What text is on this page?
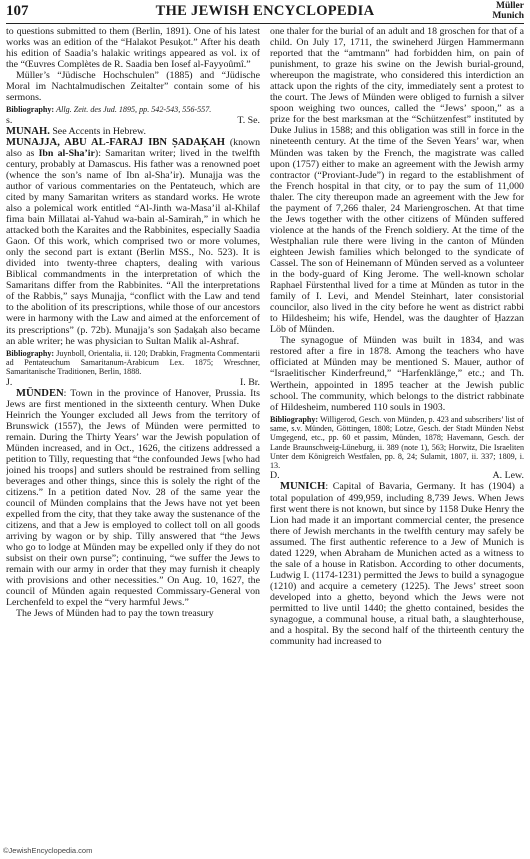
107	THE JEWISH ENCYCLOPEDIA	Müller
Munich

to questions submitted to them (Berlin, 1891). One of his latest works was an edition of the “Halakot Pesuḳot.” After his death his edition of Saadia’s halakic writings appeared as vol. ix of the “Œuvres Complètes de R. Saadia ben Iosef al-Fayyoûmî.”

Müller’s “Jüdische Hochschulen” (1885) and “Jüdische Moral im Nachtalmudischen Zeitalter” contain some of his sermons.

Bibliography: Allg. Zeit. des Jud. 1895, pp. 542-543, 556-557.

s.	T. Se.

MUNAH. See Accents in Hebrew.

MUNAJJA, ABU AL-FARAJ IBN ṢADAḲAH (known also as Ibn al-Sha’ir): Samaritan writer; lived in the twelfth century, probably at Damascus. His father was a renowned poet (whence the son’s name of Ibn al-Sha’ir). Munajja was the author of various commentaries on the Pentateuch, which are cited by many Samaritan writers as standard works. He wrote also a polemical work entitled “Al-Jinth wa-Masa’il al-Khilaf fima bain Millatai al-Yahud wa-bain al-Samirah,” in which he attacked both the Karaites and the Rabbinites, especially Saadia Gaon. Of this work, which comprised two or more volumes, only the second part is extant (Berlin MSS., No. 523). It is divided into twenty-three chapters, dealing with various Biblical commandments in the interpretation of which the Samaritans differ from the Rabbinites. “All the interpretations of the Rabbis,” says Munajja, “conflict with the Law and tend to the abolition of its prescriptions, while those of our ancestors were in harmony with the Law and aimed at the enforcement of its prescriptions” (p. 72b). Munajja’s son Ṣadaḳah also became an able writer; he was physician to Sultan Malik al-Ashraf.

Bibliography: Juynboll, Orientalia, ii. 120; Drabkin, Fragmenta Commentarii ad Pentateuchum Samaritanum-Arabicum Lex. 1875; Wreschner, Samaritanische Traditionen, Berlin, 1888.

J.	I. Br.

MÜNDEN: Town in the province of Hanover, Prussia. Its Jews are first mentioned in the sixteenth century. When Duke Heinrich the Younger excluded all Jews from the territory of Brunswick (1557), the Jews of Münden were permitted to remain. During the Thirty Years’ war the Jewish population of Münden increased, and in Oct., 1626, the citizens addressed a petition to Tilly, requesting that “the confounded Jews [who had joined his troops] and sutlers should be restrained from selling beverages and other things, since this is solely the right of the citizens.” In a petition dated Nov. 28 of the same year the council of Münden complains that the Jews have not yet been expelled from the city, that they take away the sustenance of the citizens, and that a Jew is employed to collect toll on all goods arriving by wagon or by ship. Tilly answered that “the Jews who go to lodge at Münden may be expelled only if they do not subsist on their own purse”; continuing, “we suffer the Jews to remain with our army in order that they may furnish it cheaply with provisions and other necessities.” On Aug. 10, 1627, the council of Münden again requested Commissary-General von Lerchenfeld to expel the “very harmful Jews.”

The Jews of Münden had to pay the town treasury

one thaler for the burial of an adult and 18 groschen for that of a child. On July 17, 1711, the swineherd Jürgen Hammermann reported that the “amtmann” had forbidden him, on pain of punishment, to graze his swine on the Jewish burial-ground, whereupon the magistrate, who considered this interdiction an attack upon the rights of the city, immediately sent a protest to the court. The Jews of Münden were obliged to furnish a silver spoon weighing two ounces, called the “Jews’ spoon,” as a prize for the best marksman at the “Schützenfest” instituted by Duke Julius in 1588; and this obligation was still in force in the nineteenth century. At the time of the Seven Years’ war, when Münden was taken by the French, the magistrate was called upon (1757) either to make an agreement with the Jewish army contractor (“Proviant-Jude”) in regard to the establishment of the French hospital in that city, or to pay the sum of 11,000 thaler. The city thereupon made an agreement with the Jew for the payment of 7,266 thaler, 24 Mariengroschen. At that time the Jews together with the other citizens of Münden suffered violence at the hands of the French soldiery. At the time of the Westphalian rule there were living in the canton of Münden eighteen Jewish families which belonged to the syndicate of Cassel. The son of Heinemann of Münden served as a volunteer in the body-guard of King Jerome. The well-known scholar Raphael Fürstenthal lived for a time at Münden as tutor in the family of I. Levi, and Mendel Steinhart, later consistorial councilor, also lived in the city before he went as district rabbi to Hildesheim; his wife, Hendel, was the daughter of Ḥazzan Löb of Münden.

The synagogue of Münden was built in 1834, and was restored after a fire in 1878. Among the teachers who have officiated at Münden may be mentioned S. Mauer, author of “Israelitischer Kinderfreund,” “Harfenklänge,” etc.; and Th. Werthein, appointed in 1895 teacher at the Jewish public school. The community, which belongs to the district rabbinate of Hildesheim, numbered 110 souls in 1903.

Bibliography: Willigerod, Gesch. von Münden, p. 423 and subscribers’ list of same, s.v. Münden, Göttingen, 1808; Lotze, Gesch. der Stadt Münden Nebst Umgegend, etc., pp. 60 et passim, Münden, 1878; Havemann, Gesch. der Lande Braunschweig-Lüneburg, ii. 389 (note 1), 563; Horwitz, Die Israeliten Unter dem Königreich Westfalen, pp. 8, 24; Sulamit, 1807, ii. 337; 1809, i. 13.

D.	A. Lew.

MUNICH: Capital of Bavaria, Germany. It has (1904) a total population of 499,959, including 8,739 Jews. When Jews first went there is not known, but since by 1158 Duke Henry the Lion had made it an important commercial center, the presence there of Jewish merchants in the twelfth century may safely be assumed. The first authentic reference to a Jew of Munich is dated 1229, when Abraham de Munichen acted as a witness to the sale of a house in Ratisbon. According to other documents, Ludwig I. (1174-1231) permitted the Jews to build a synagogue (1210) and acquire a cemetery (1225). The Jews’ street soon developed into a ghetto, beyond which the Jews were not permitted to live until 1440; the ghetto contained, besides the synagogue, a communal house, a ritual bath, a slaughterhouse, and a hospital. By the second half of the thirteenth century the community had increased to

©JewishEncyclopedia.com
